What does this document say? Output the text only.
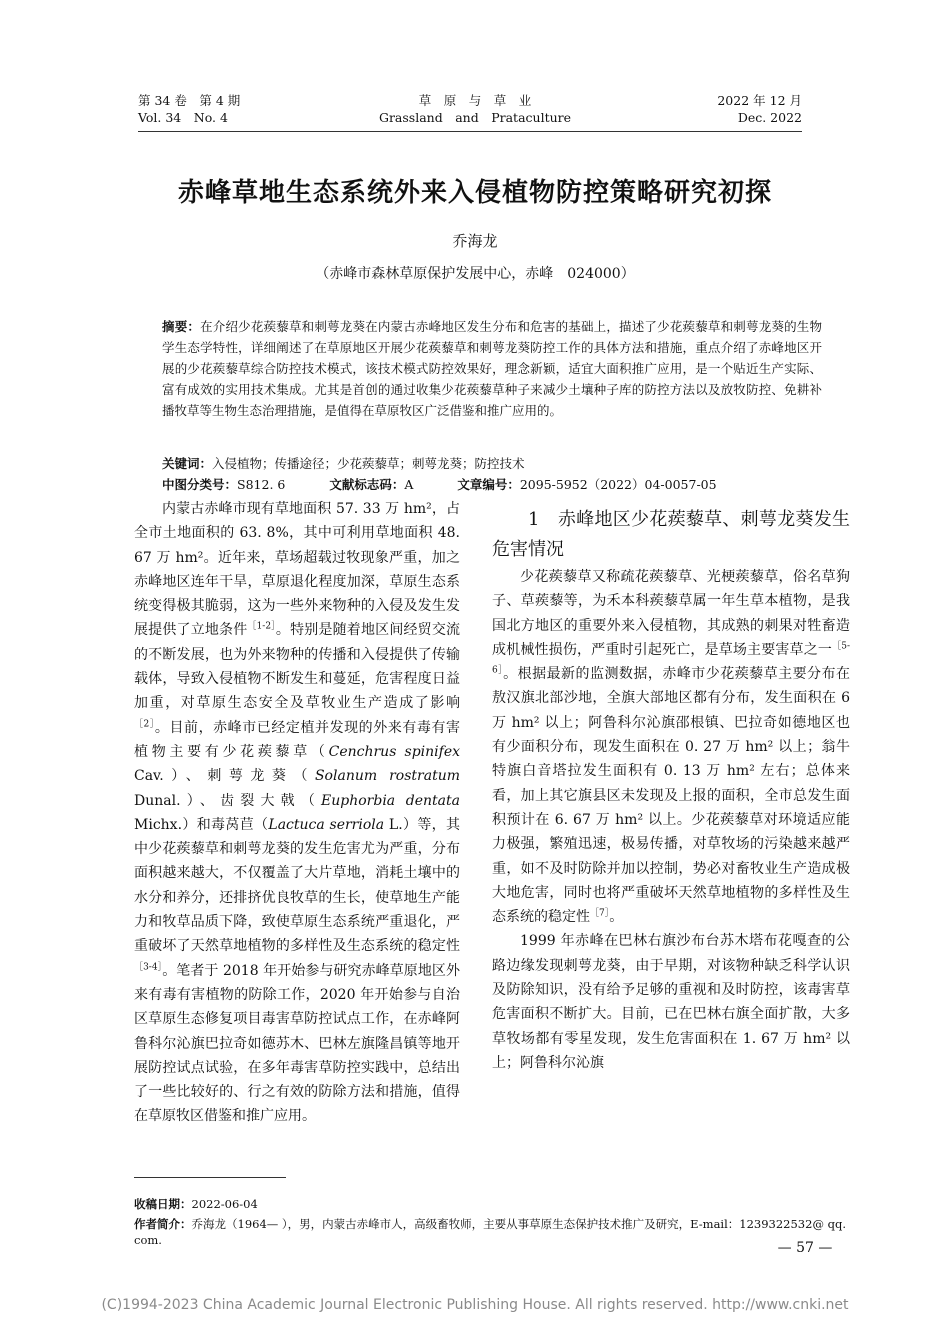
第 34 卷　第 4 期
Vol. 34　No. 4
草　原　与　草　业
Grassland　and　Prataculture
2022 年 12 月
Dec. 2022
赤峰草地生态系统外来入侵植物防控策略研究初探
乔海龙
（赤峰市森林草原保护发展中心，赤峰　024000）
摘要：在介绍少花蒺藜草和刺萼龙葵在内蒙古赤峰地区发生分布和危害的基础上，描述了少花蒺藜草和刺萼龙葵的生物学生态学特性，详细阐述了在草原地区开展少花蒺藜草和刺萼龙葵防控工作的具体方法和措施，重点介绍了赤峰地区开展的少花蒺藜草综合防控技术模式，该技术模式防控效果好，理念新颖，适宜大面积推广应用，是一个贴近生产实际、富有成效的实用技术集成。尤其是首创的通过收集少花蒺藜草种子来减少土壤种子库的防控方法以及放牧防控、免耕补播牧草等生物生态治理措施，是值得在草原牧区广泛借鉴和推广应用的。
关键词：入侵植物；传播途径；少花蒺藜草；刺萼龙葵；防控技术
中图分类号：S812. 6	文献标志码：A	文章编号：2095-5952（2022）04-0057-05

内蒙古赤峰市现有草地面积 57. 33 万 hm²，占全市土地面积的 63. 8%，其中可利用草地面积 48. 67 万 hm²。近年来，草场超载过牧现象严重，加之赤峰地区连年干旱，草原退化程度加深，草原生态系统变得极其脆弱，这为一些外来物种的入侵及发生发展提供了立地条件$^{[1-2]}$。特别是随着地区间经贸交流的不断发展，也为外来物种的传播和入侵提供了传输载体，导致入侵植物不断发生和蔓延，危害程度日益加重，对草原生态安全及草牧业生产造成了影响$^{[2]}$。目前，赤峰市已经定植并发现的外来有毒有害植物主要有少花蒺藜草（Cenchrus spinifex Cav.）、刺萼龙葵（Solanum rostratum Dunal.）、齿裂大戟（Euphorbia dentata Michx.）和毒莴苣（Lactuca serriola L.）等，其中少花蒺藜草和刺萼龙葵的发生危害尤为严重，分布面积越来越大，不仅覆盖了大片草地，消耗土壤中的水分和养分，还排挤优良牧草的生长，使草地生产能力和牧草品质下降，致使草原生态系统严重退化，严重破坏了天然草地植物的多样性及生态系统的稳定性$^{[3-4]}$。笔者于 2018 年开始参与研究赤峰草原地区外来有毒有害植物的防除工作，2020 年开始参与自治区草原生态修复项目毒害草防控试点工作，在赤峰阿鲁科尔沁旗巴拉奇如德苏木、巴林左旗隆昌镇等地开展防控试点试验，在多年毒害草防控实践中，总结出了一些比较好的、行之有效的防除方法和措施，值得在草原牧区借鉴和推广应用。

1　赤峰地区少花蒺藜草、刺萼龙葵发生危害情况

少花蒺藜草又称疏花蒺藜草、光梗蒺藜草，俗名草狗子、草蒺藜等，为禾本科蒺藜草属一年生草本植物，是我国北方地区的重要外来入侵植物，其成熟的刺果对牲畜造成机械性损伤，严重时引起死亡，是草场主要害草之一$^{[5-6]}$。根据最新的监测数据，赤峰市少花蒺藜草主要分布在敖汉旗北部沙地，全旗大部地区都有分布，发生面积在 6 万 hm² 以上；阿鲁科尔沁旗邵根镇、巴拉奇如德地区也有少面积分布，现发生面积在 0. 27 万 hm² 以上；翁牛特旗白音塔拉发生面积有 0. 13 万 hm² 左右；总体来看，加上其它旗县区未发现及上报的面积，全市总发生面积预计在 6. 67 万 hm² 以上。少花蒺藜草对环境适应能力极强，繁殖迅速，极易传播，对草牧场的污染越来越严重，如不及时防除并加以控制，势必对畜牧业生产造成极大地危害，同时也将严重破坏天然草地植物的多样性及生态系统的稳定性$^{[7]}$。

1999 年赤峰在巴林右旗沙布台苏木塔布花嘎查的公路边缘发现刺萼龙葵，由于早期，对该物种缺乏科学认识及防除知识，没有给予足够的重视和及时防控，该毒害草危害面积不断扩大。目前，已在巴林右旗全面扩散，大多草牧场都有零星发现，发生危害面积在 1. 67 万 hm² 以上；阿鲁科尔沁旗

收稿日期：2022-06-04
作者简介：乔海龙（1964— ），男，内蒙古赤峰市人，高级畜牧师，主要从事草原生态保护技术推广及研究，E-mail：1239322532@ qq. com.	— 57 —
(C)1994-2023 China Academic Journal Electronic Publishing House. All rights reserved. http://www.cnki.net
